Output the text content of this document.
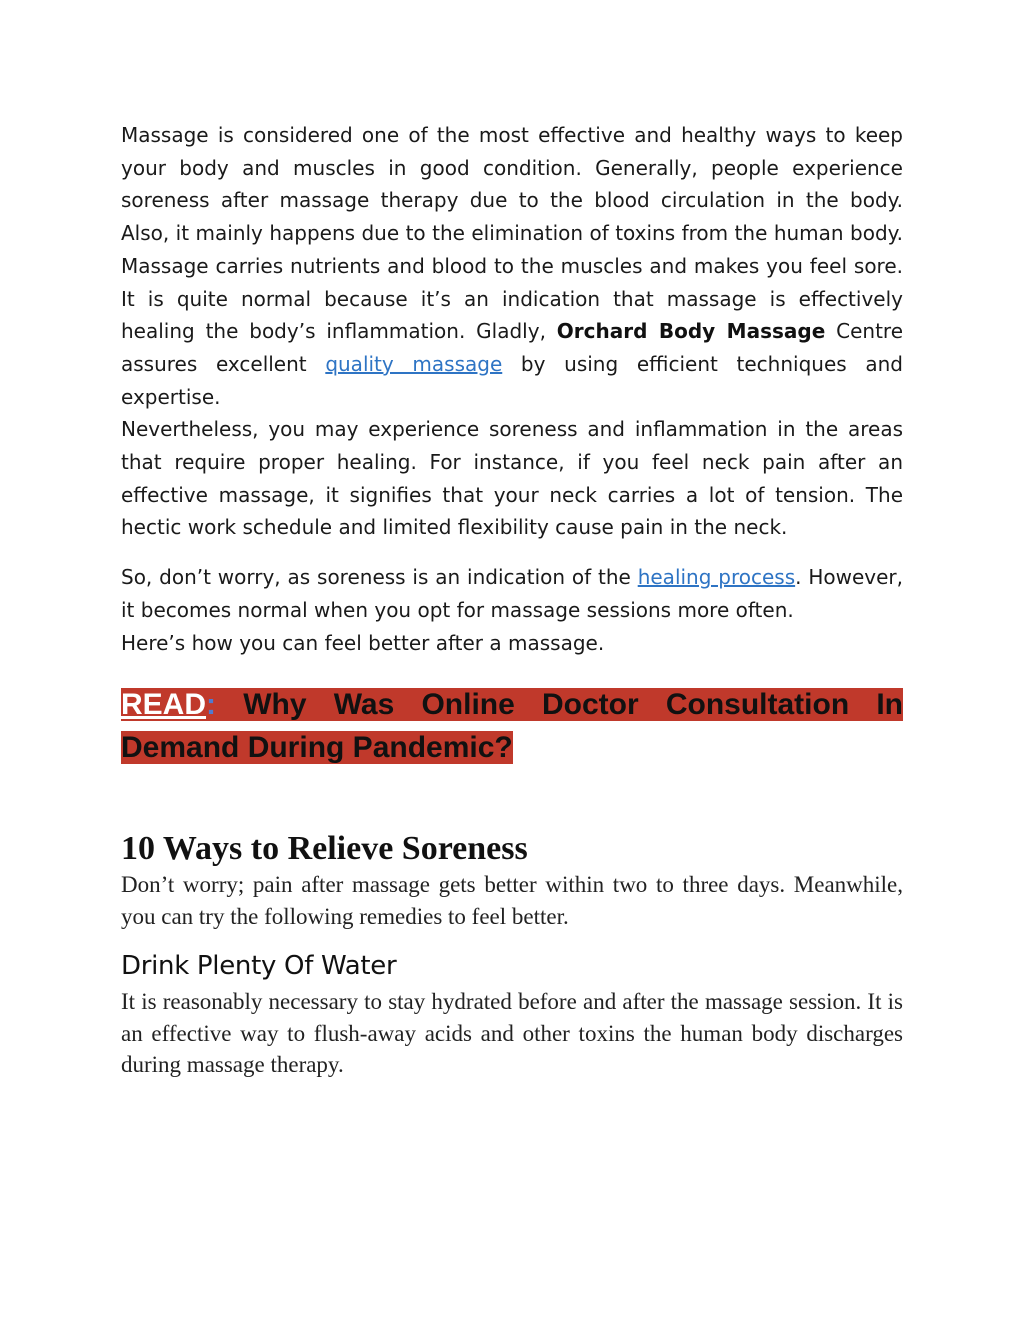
Massage is considered one of the most effective and healthy ways to keep your body and muscles in good condition. Generally, people experience soreness after massage therapy due to the blood circulation in the body. Also, it mainly happens due to the elimination of toxins from the human body. Massage carries nutrients and blood to the muscles and makes you feel sore. It is quite normal because it’s an indication that massage is effectively healing the body’s inflammation. Gladly, Orchard Body Massage Centre assures excellent quality massage by using efficient techniques and expertise.

Nevertheless, you may experience soreness and inflammation in the areas that require proper healing. For instance, if you feel neck pain after an effective massage, it signifies that your neck carries a lot of tension. The hectic work schedule and limited flexibility cause pain in the neck.

So, don’t worry, as soreness is an indication of the healing process. However, it becomes normal when you opt for massage sessions more often.

Here’s how you can feel better after a massage.

READ: Why Was Online Doctor Consultation In Demand During Pandemic?
10 Ways to Relieve Soreness

Don’t worry; pain after massage gets better within two to three days. Meanwhile, you can try the following remedies to feel better.

Drink Plenty Of Water

It is reasonably necessary to stay hydrated before and after the massage session. It is an effective way to flush-away acids and other toxins the human body discharges during massage therapy.
